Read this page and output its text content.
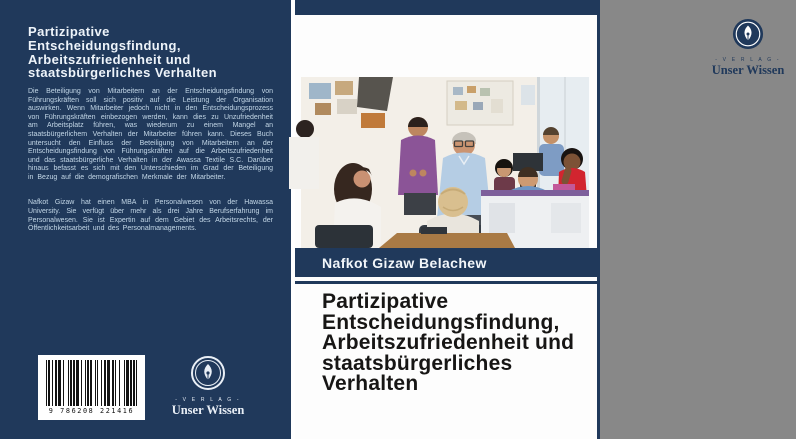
Partizipative
Entscheidungsfindung,
Arbeitszufriedenheit und
staatsbürgerliches Verhalten
Die Beteiligung von Mitarbeitern an der Entscheidungsfindung von Führungskräften soll sich positiv auf die Leistung der Organisation auswirken. Wenn Mitarbeiter jedoch nicht in den Entscheidungsprozess von Führungskräften einbezogen werden, kann dies zu Unzufriedenheit am Arbeitsplatz führen, was wiederum zu einem Mangel an staatsbürgerlichem Verhalten der Mitarbeiter führen kann. Dieses Buch untersucht den Einfluss der Beteiligung von Mitarbeitern an der Entscheidungsfindung von Führungskräften auf die Arbeitszufriedenheit und das staatsbürgerliche Verhalten in der Awassa Textile S.C. Darüber hinaus befasst es sich mit den Unterschieden im Grad der Beteiligung in Bezug auf die demografischen Merkmale der Mitarbeiter.
Nafkot Gizaw hat einen MBA in Personalwesen von der Hawassa University. Sie verfügt über mehr als drei Jahre Berufserfahrung im Personalwesen. Sie ist Expertin auf dem Gebiet des Arbeitsrechts, der Öffentlichkeitsarbeit und des Personalmanagements.
9 786208 221416
- V E R L A G -
Unser Wissen
- V E R L A G -
Unser Wissen
Nafkot Gizaw Belachew
Partizipative
Entscheidungsfindung,
Arbeitszufriedenheit und
staatsbürgerliches
Verhalten
